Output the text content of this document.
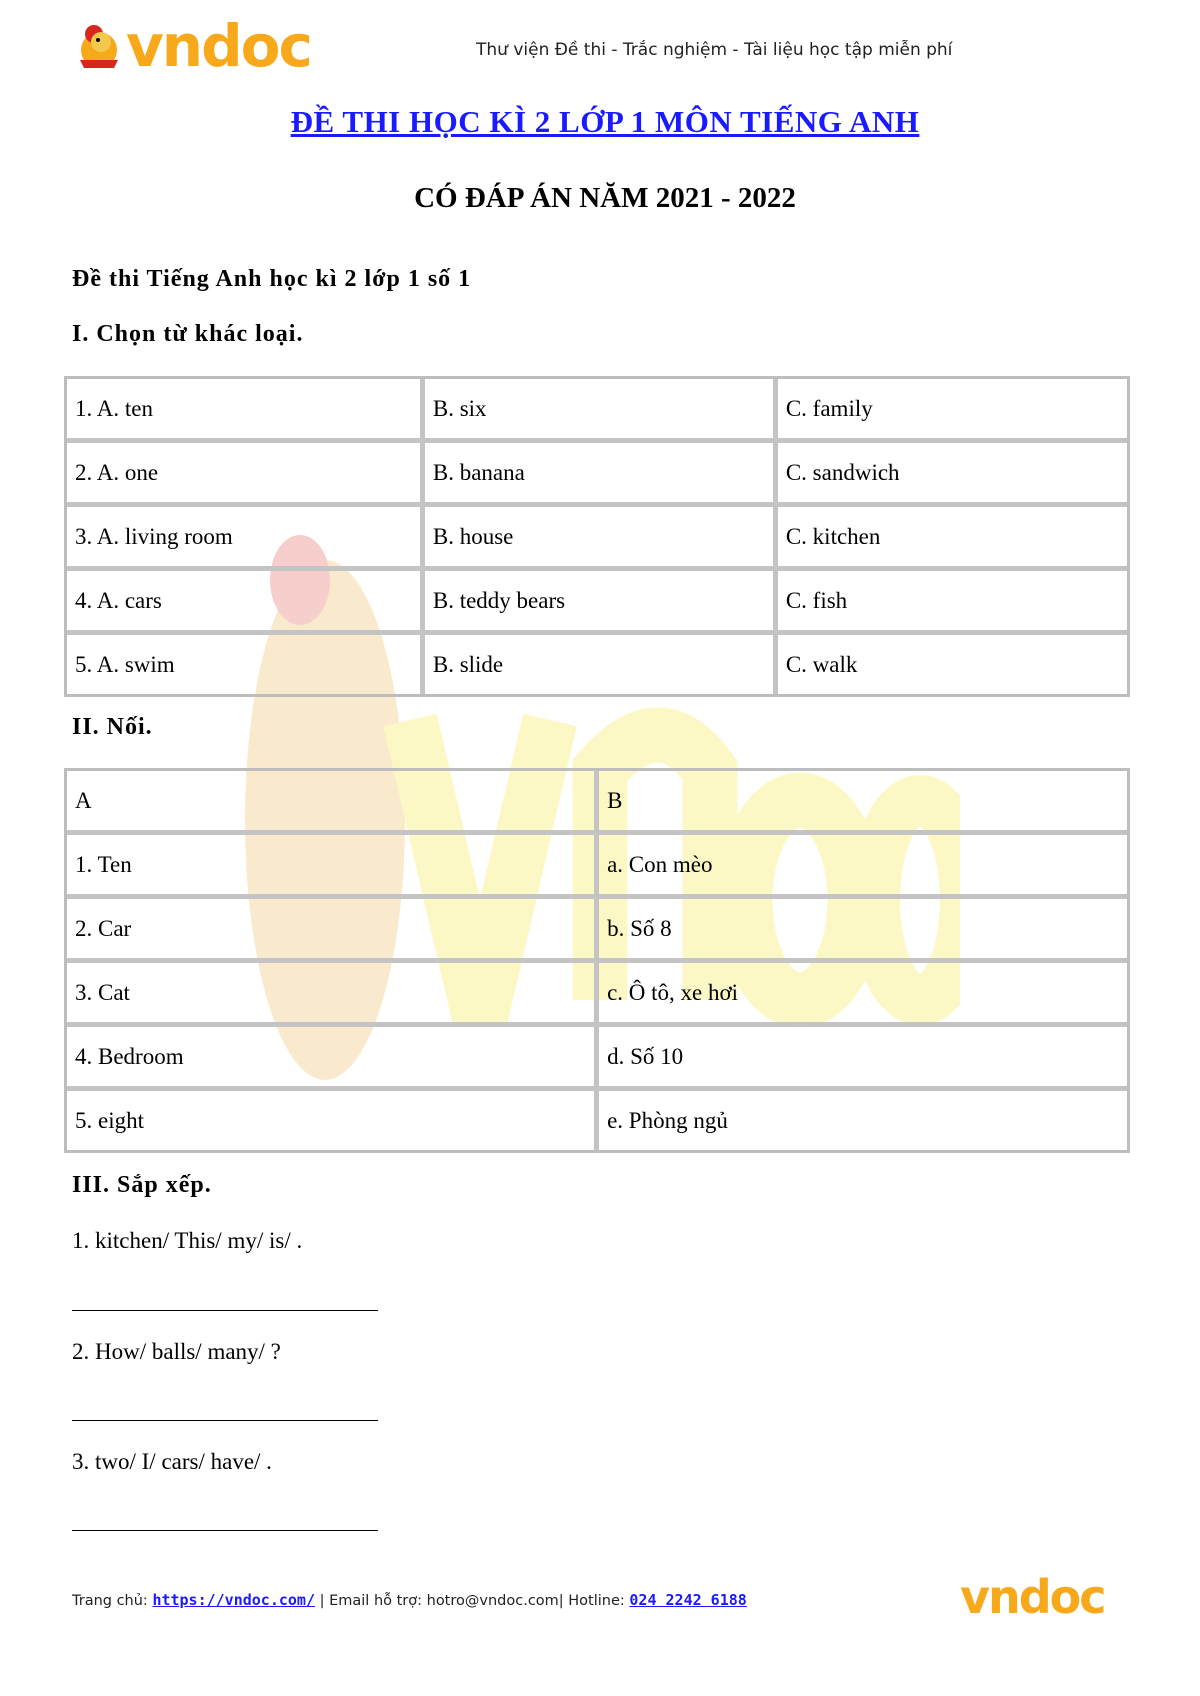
vndoc	Thư viện Đề thi - Trắc nghiệm - Tài liệu học tập miễn phí
ĐỀ THI HỌC KÌ 2 LỚP 1 MÔN TIẾNG ANH
CÓ ĐÁP ÁN NĂM 2021 - 2022
Đề thi Tiếng Anh học kì 2 lớp 1 số 1
I. Chọn từ khác loại.
1. A. ten	B. six	C. family
2. A. one	B. banana	C. sandwich
3. A. living room	B. house	C. kitchen
4. A. cars	B. teddy bears	C. fish
5. A. swim	B. slide	C. walk
II. Nối.
A	B
1. Ten	a. Con mèo
2. Car	b. Số 8
3. Cat	c. Ô tô, xe hơi
4. Bedroom	d. Số 10
5. eight	e. Phòng ngủ
III. Sắp xếp.
1. kitchen/ This/ my/ is/ .
2. How/ balls/ many/ ?
3. two/ I/ cars/ have/ .
Trang chủ: https://vndoc.com/ | Email hỗ trợ: hotro@vndoc.com| Hotline: 024 2242 6188	vndoc
